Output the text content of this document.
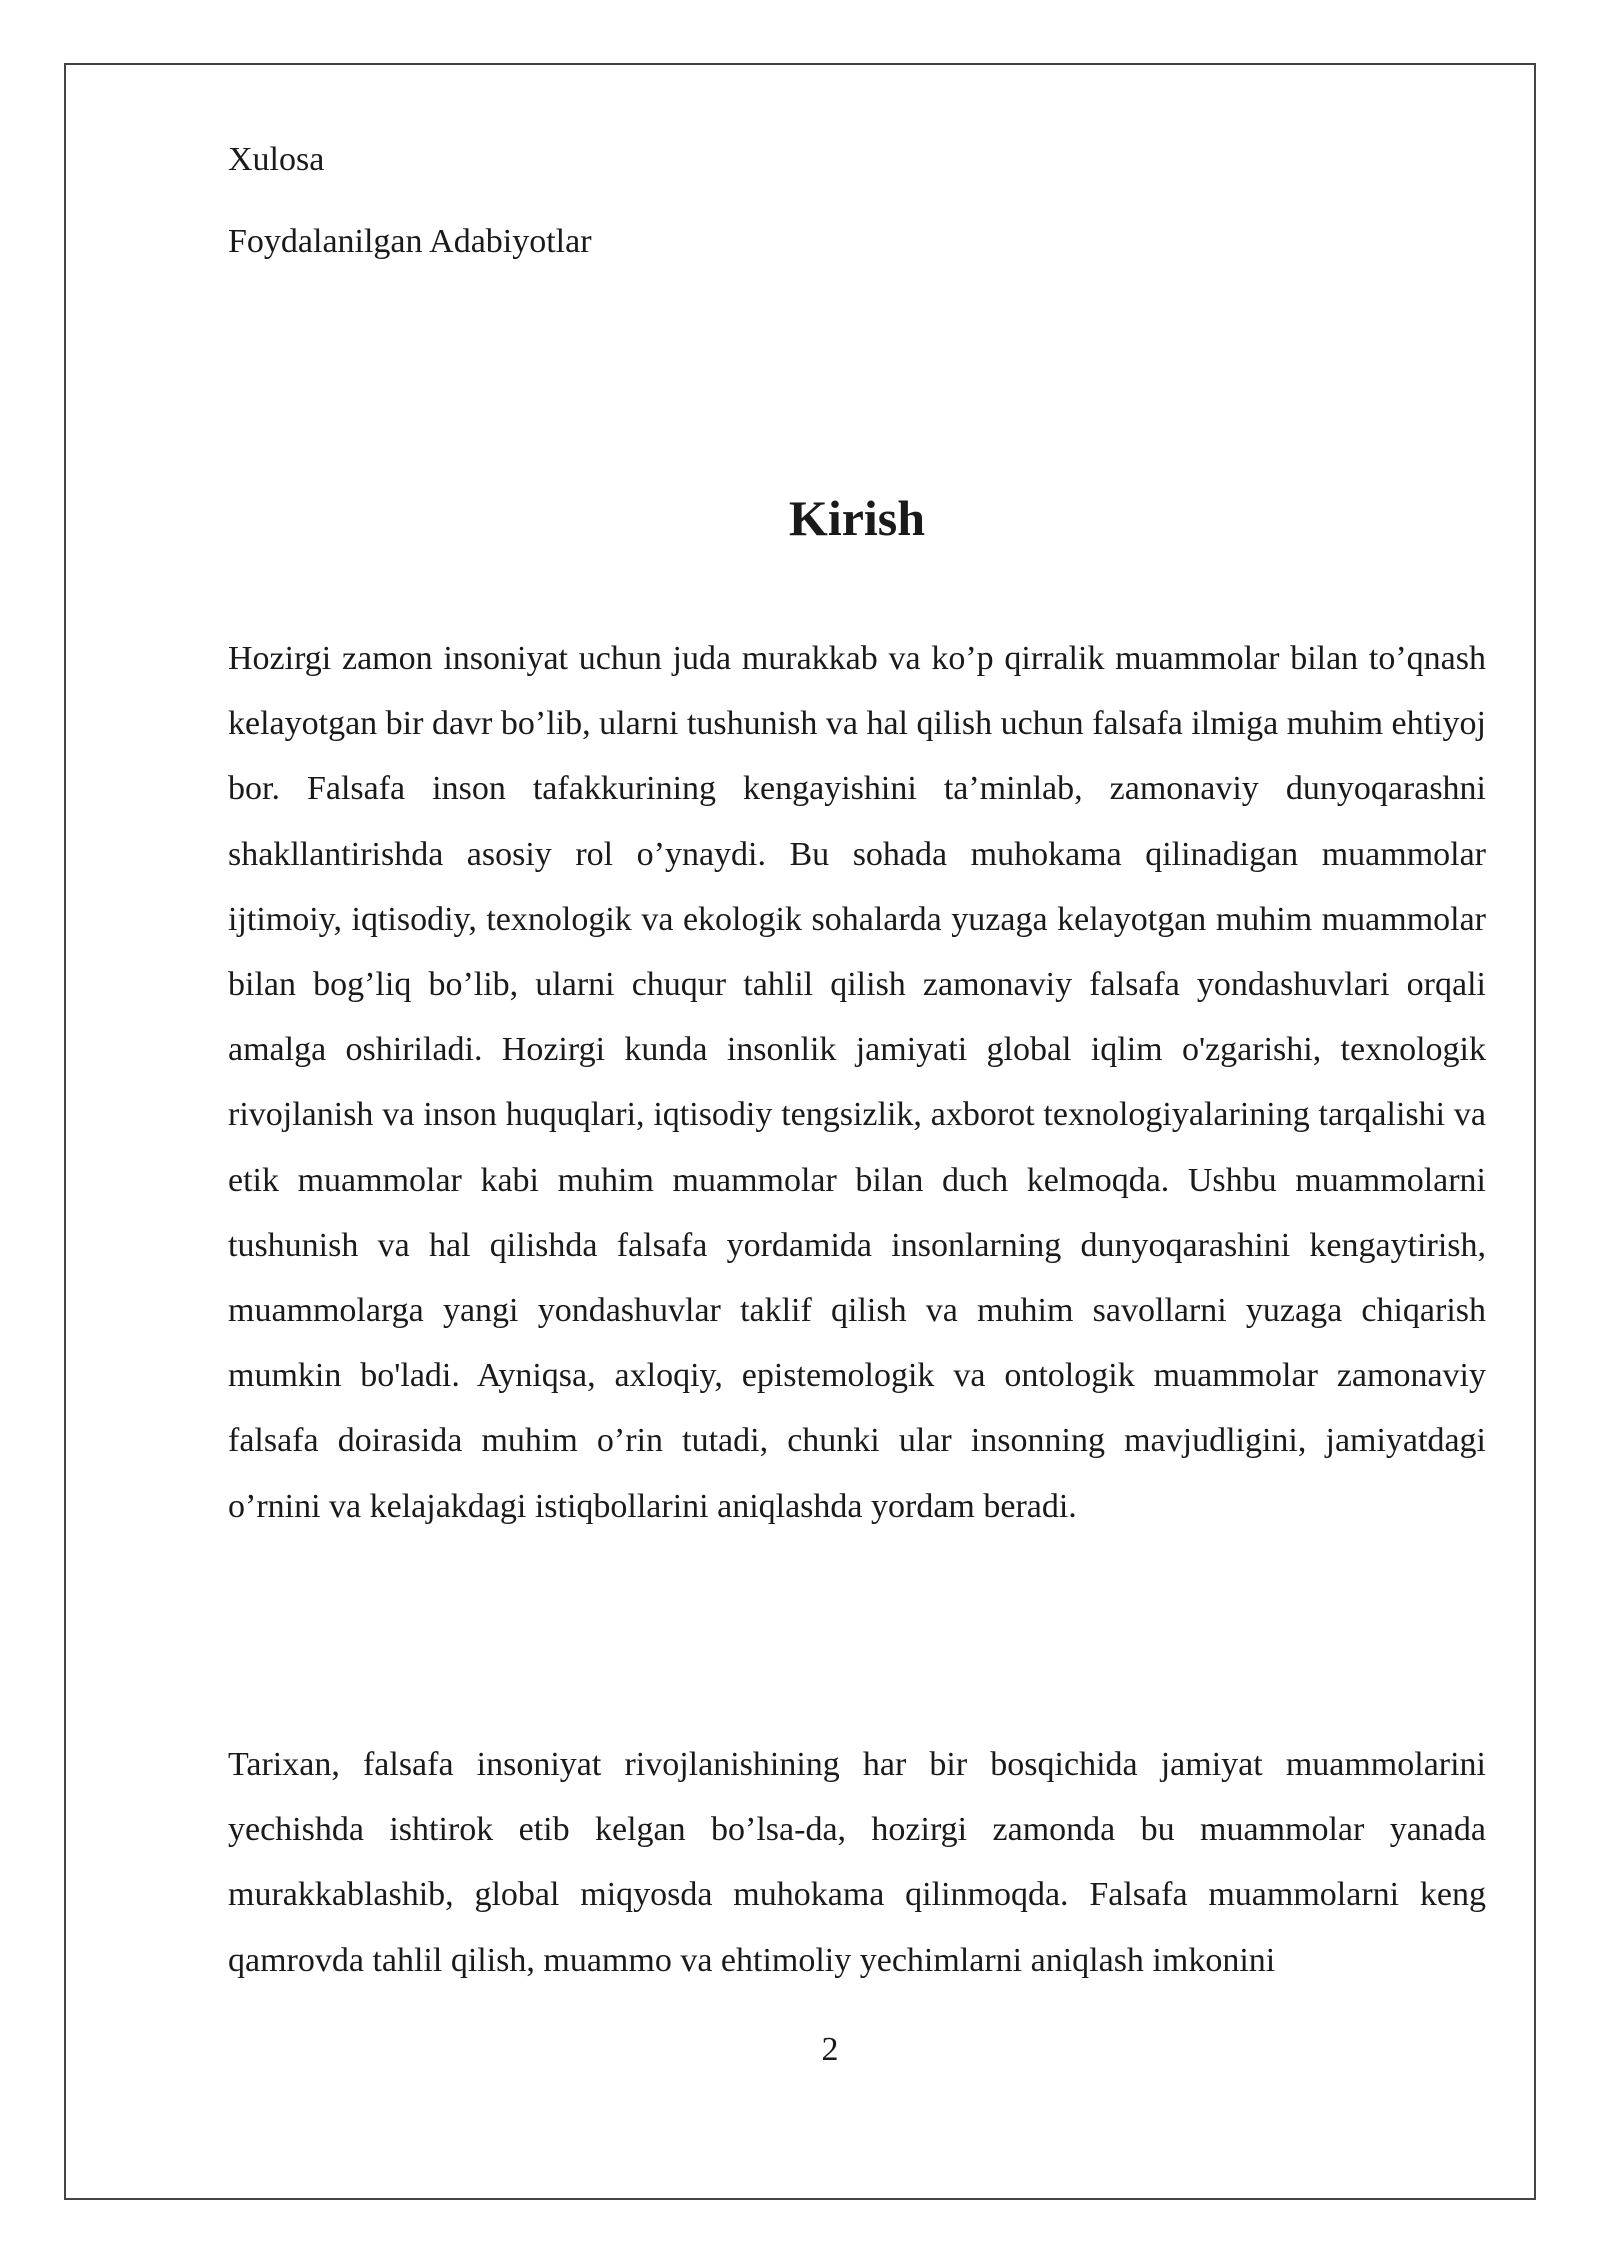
Xulosa

Foydalanilgan Adabiyotlar

Kirish

Hozirgi zamon insoniyat uchun juda murakkab va ko’p qirralik muammolar bilan to’qnash kelayotgan bir davr bo’lib, ularni tushunish va hal qilish uchun falsafa ilmiga muhim ehtiyoj bor. Falsafa inson tafakkurining kengayishini ta’minlab, zamonaviy dunyoqarashni shakllantirishda asosiy rol o’ynaydi. Bu sohada muhokama qilinadigan muammolar ijtimoiy, iqtisodiy, texnologik va ekologik sohalarda yuzaga kelayotgan muhim muammolar bilan bog’liq bo’lib, ularni chuqur tahlil qilish zamonaviy falsafa yondashuvlari orqali amalga oshiriladi. Hozirgi kunda insonlik jamiyati global iqlim o'zgarishi, texnologik rivojlanish va inson huquqlari, iqtisodiy tengsizlik, axborot texnologiyalarining tarqalishi va etik muammolar kabi muhim muammolar bilan duch kelmoqda. Ushbu muammolarni tushunish va hal qilishda falsafa yordamida insonlarning dunyoqarashini kengaytirish, muammolarga yangi yondashuvlar taklif qilish va muhim savollarni yuzaga chiqarish mumkin bo'ladi. Ayniqsa, axloqiy, epistemologik va ontologik muammolar zamonaviy falsafa doirasida muhim o’rin tutadi, chunki ular insonning mavjudligini, jamiyatdagi o’rnini va kelajakdagi istiqbollarini aniqlashda yordam beradi.

Tarixan, falsafa insoniyat rivojlanishining har bir bosqichida jamiyat muammolarini yechishda ishtirok etib kelgan bo’lsa-da, hozirgi zamonda bu muammolar yanada murakkablashib, global miqyosda muhokama qilinmoqda. Falsafa muammolarni keng qamrovda tahlil qilish, muammo va ehtimoliy yechimlarni aniqlash imkonini

2
